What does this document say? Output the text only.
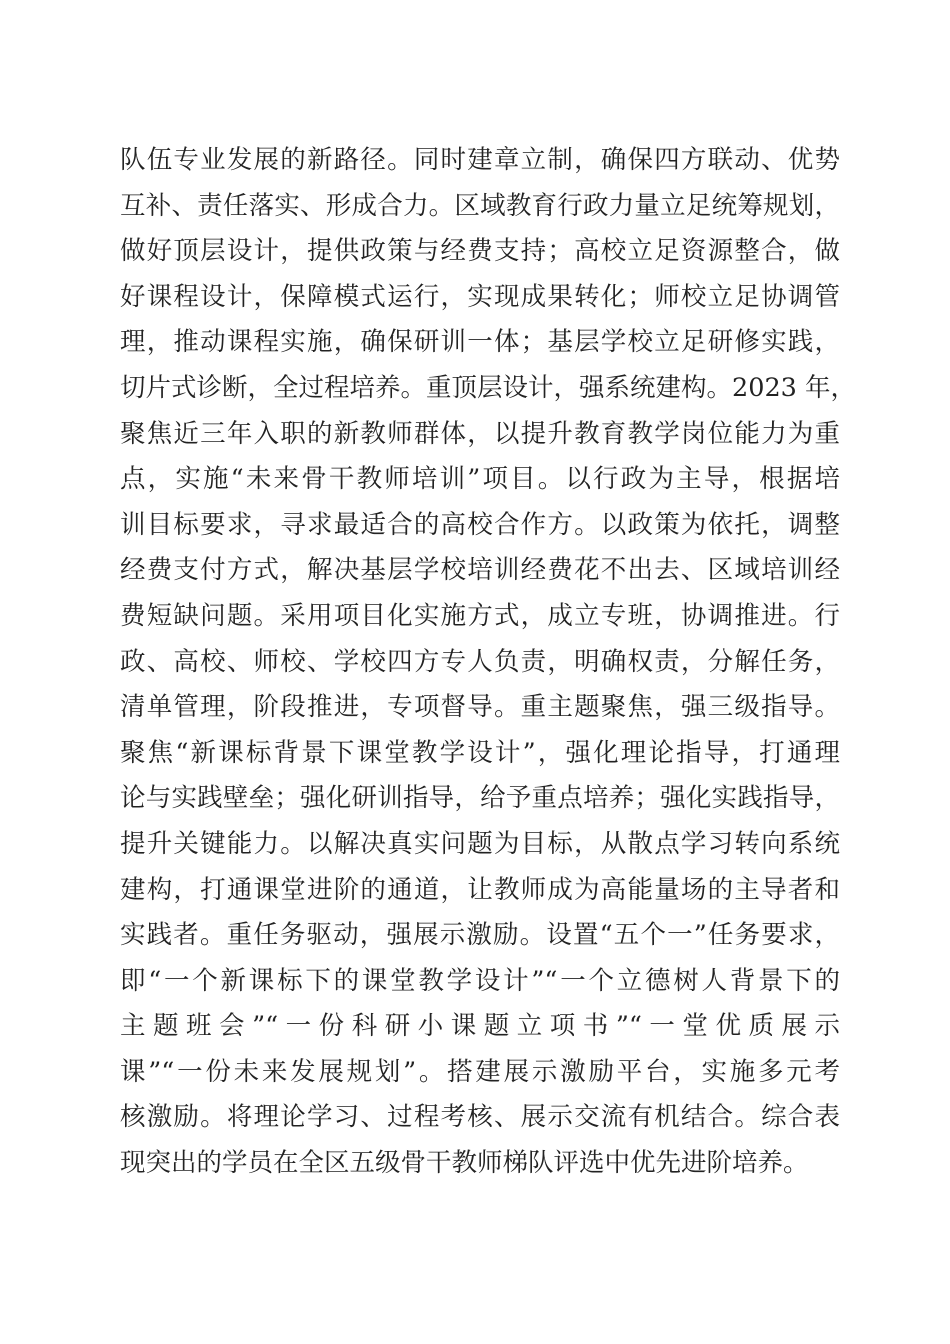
队伍专业发展的新路径。同时建章立制，确保四方联动、优势
互补、责任落实、形成合力。区域教育行政力量立足统筹规划，
做好顶层设计，提供政策与经费支持；高校立足资源整合，做
好课程设计，保障模式运行，实现成果转化；师校立足协调管
理，推动课程实施，确保研训一体；基层学校立足研修实践，
切片式诊断，全过程培养。重顶层设计，强系统建构。2023 年，
聚焦近三年入职的新教师群体，以提升教育教学岗位能力为重
点，实施“未来骨干教师培训”项目。以行政为主导，根据培
训目标要求，寻求最适合的高校合作方。以政策为依托，调整
经费支付方式，解决基层学校培训经费花不出去、区域培训经
费短缺问题。采用项目化实施方式，成立专班，协调推进。行
政、高校、师校、学校四方专人负责，明确权责，分解任务，
清单管理，阶段推进，专项督导。重主题聚焦，强三级指导。
聚焦“新课标背景下课堂教学设计”，强化理论指导，打通理
论与实践壁垒；强化研训指导，给予重点培养；强化实践指导，
提升关键能力。以解决真实问题为目标，从散点学习转向系统
建构，打通课堂进阶的通道，让教师成为高能量场的主导者和
实践者。重任务驱动，强展示激励。设置“五个一”任务要求，
即“一个新课标下的课堂教学设计”“一个立德树人背景下的
主题班会”“一份科研小课题立项书”“一堂优质展示
课”“一份未来发展规划”。搭建展示激励平台，实施多元考
核激励。将理论学习、过程考核、展示交流有机结合。综合表
现突出的学员在全区五级骨干教师梯队评选中优先进阶培养。
